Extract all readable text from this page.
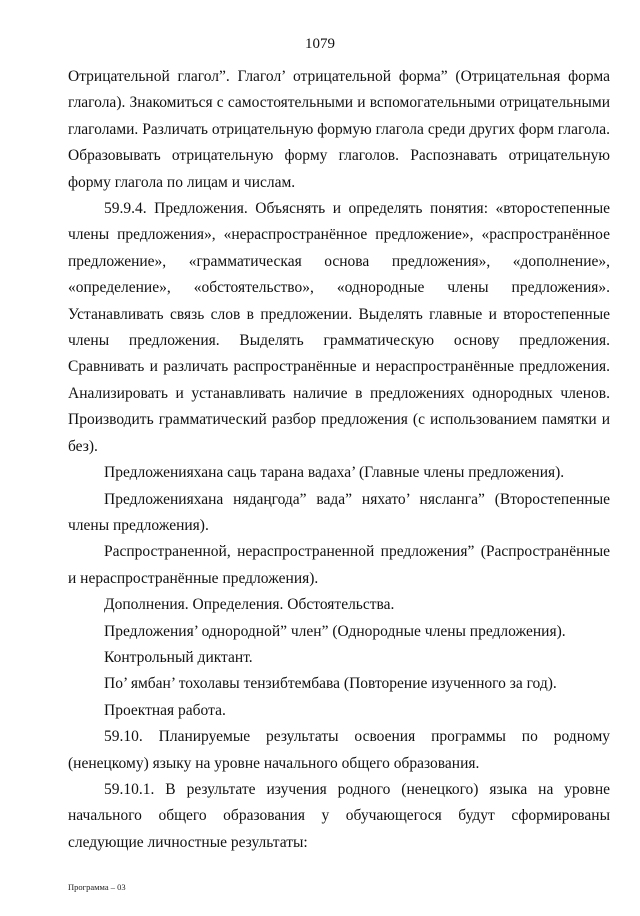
1079

Отрицательной глагол”. Глагол’ отрицательной форма” (Отрицательная форма глагола). Знакомиться с самостоятельными и вспомогательными отрицательными глаголами. Различать отрицательную формую глагола среди других форм глагола. Образовывать отрицательную форму глаголов. Распознавать отрицательную форму глагола по лицам и числам.

59.9.4. Предложения. Объяснять и определять понятия: «второстепенные члены предложения», «нераспространённое предложение», «распространённое предложение», «грамматическая основа предложения», «дополнение», «определение», «обстоятельство», «однородные члены предложения». Устанавливать связь слов в предложении. Выделять главные и второстепенные члены предложения. Выделять грамматическую основу предложения. Сравнивать и различать распространённые и нераспространённые предложения. Анализировать и устанавливать наличие в предложениях однородных членов. Производить грамматический разбор предложения (с использованием памятки и без).

Предложенияхана саць тарана вадаха’ (Главные члены предложения).

Предложенияхана нядаңгода” вада” няхато’ нясланга” (Второстепенные члены предложения).

Распространенной, нераспространенной предложения” (Распространённые и нераспространённые предложения).

Дополнения. Определения. Обстоятельства.

Предложения’ однородной” член” (Однородные члены предложения).

Контрольный диктант.

По’ ямбан’ тохолавы тензибтембава (Повторение изученного за год).

Проектная работа.

59.10. Планируемые результаты освоения программы по родному (ненецкому) языку на уровне начального общего образования.

59.10.1. В результате изучения родного (ненецкого) языка на уровне начального общего образования у обучающегося будут сформированы следующие личностные результаты:

Программа – 03
